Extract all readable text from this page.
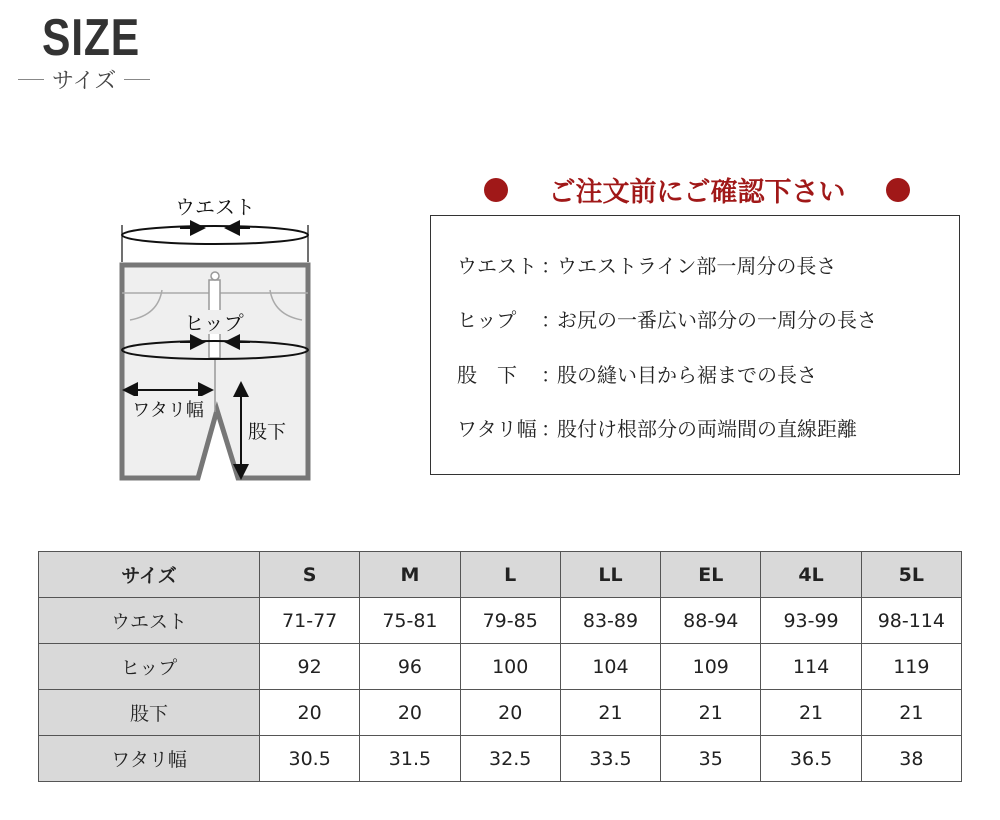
SIZE
サイズ
ウエスト
ヒップ
ワタリ幅
股下
ご注文前にご確認下さい
ウエスト ：
ウエストライン部一周分の長さ
ヒップ	：
お尻の一番広い部分の一周分の長さ
股　下	：
股の縫い目から裾までの長さ
ワタリ幅 ：
股付け根部分の両端間の直線距離
サイズ	S	M	L	LL	EL	4L	5L
ウエスト	71-77	75-81	79-85	83-89	88-94	93-99	98-114
ヒップ	92	96	100	104	109	114	119
股下	20	20	20	21	21	21	21
ワタリ幅	30.5	31.5	32.5	33.5	35	36.5	38
